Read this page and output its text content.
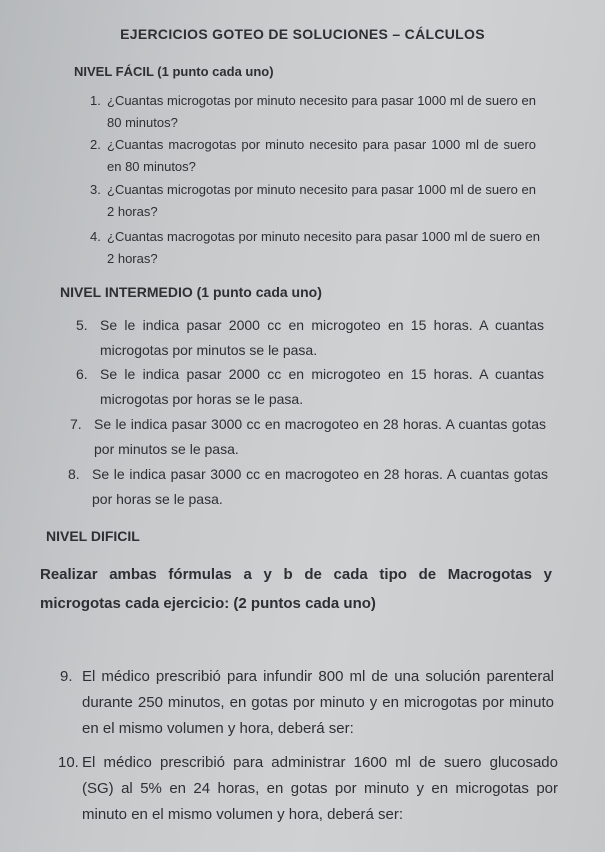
EJERCICIOS GOTEO DE SOLUCIONES – CÁLCULOS
NIVEL FÁCIL (1 punto cada uno)
1. ¿Cuantas microgotas por minuto necesito para pasar 1000 ml de suero en 80 minutos?
2. ¿Cuantas macrogotas por minuto necesito para pasar 1000 ml de suero en 80 minutos?
3. ¿Cuantas microgotas por minuto necesito para pasar 1000 ml de suero en 2 horas?
4. ¿Cuantas macrogotas por minuto necesito para pasar 1000 ml de suero en 2 horas?
NIVEL INTERMEDIO (1 punto cada uno)
5. Se le indica pasar 2000 cc en microgoteo en 15 horas. A cuantas microgotas por minutos se le pasa.
6. Se le indica pasar 2000 cc en microgoteo en 15 horas. A cuantas microgotas por horas se le pasa.
7. Se le indica pasar 3000 cc en macrogoteo en 28 horas. A cuantas gotas por minutos se le pasa.
8. Se le indica pasar 3000 cc en macrogoteo en 28 horas. A cuantas gotas por horas se le pasa.
NIVEL DIFICIL
Realizar ambas fórmulas a y b de cada tipo de Macrogotas y microgotas cada ejercicio: (2 puntos cada uno)
9. El médico prescribió para infundir 800 ml de una solución parenteral durante 250 minutos, en gotas por minuto y en microgotas por minuto en el mismo volumen y hora, deberá ser:
10. El médico prescribió para administrar 1600 ml de suero glucosado (SG) al 5% en 24 horas, en gotas por minuto y en microgotas por minuto en el mismo volumen y hora, deberá ser:
